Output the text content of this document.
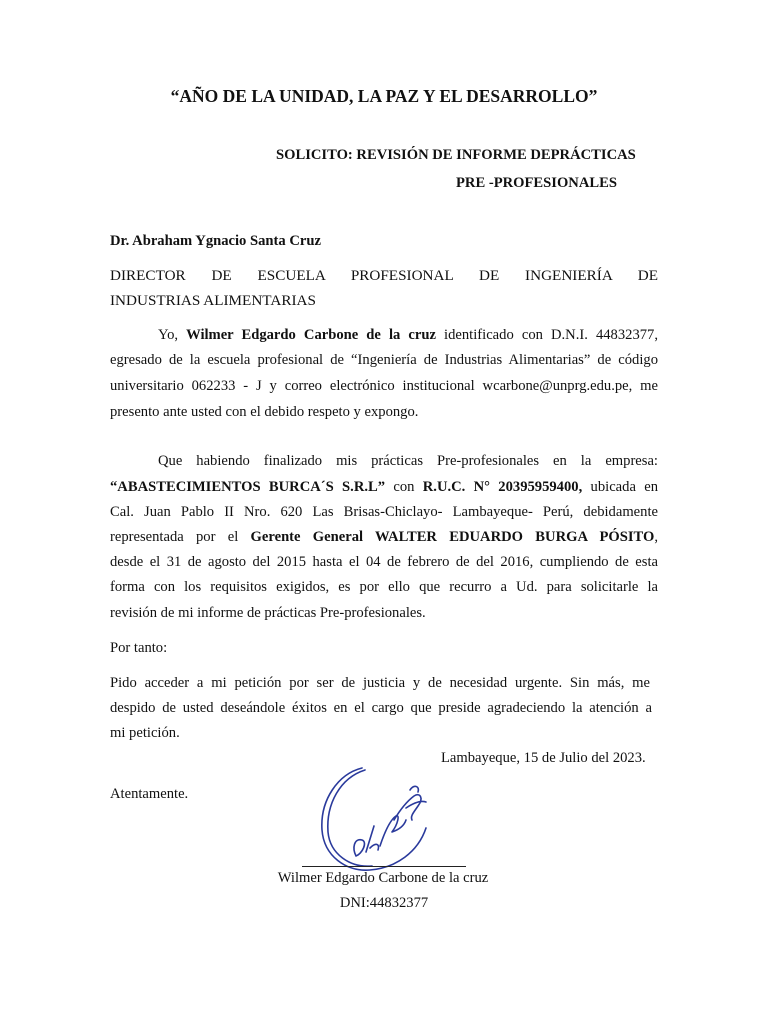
“AÑO DE LA UNIDAD, LA PAZ Y EL DESARROLLO”
SOLICITO: REVISIÓN DE INFORME DEPRÁCTICAS
PRE -PROFESIONALES
Dr. Abraham Ygnacio Santa Cruz
DIRECTOR DE ESCUELA PROFESIONAL DE INGENIERÍA DE
INDUSTRIAS ALIMENTARIAS
Yo, Wilmer Edgardo Carbone de la cruz identificado con D.N.I. 44832377,
egresado de la escuela profesional de “Ingeniería de Industrias Alimentarias” de código
universitario 062233 - J y correo electrónico institucional wcarbone@unprg.edu.pe, me
presento ante usted con el debido respeto y expongo.
Que habiendo finalizado mis prácticas Pre-profesionales en la empresa:
“ABASTECIMIENTOS BURCA´S S.R.L” con R.U.C. N° 20395959400, ubicada en
Cal. Juan Pablo II Nro. 620 Las Brisas-Chiclayo- Lambayeque- Perú, debidamente
representada por el Gerente General WALTER EDUARDO BURGA PÓSITO,
desde el 31 de agosto del 2015 hasta el 04 de febrero de del 2016, cumpliendo de esta
forma con los requisitos exigidos, es por ello que recurro a Ud. para solicitarle la
revisión de mi informe de prácticas Pre-profesionales.
Por tanto:
Pido acceder a mi petición por ser de justicia y de necesidad urgente. Sin más, me
despido de usted deseándole éxitos en el cargo que preside agradeciendo la atención a
mi petición.
Lambayeque, 15 de Julio del 2023.
Atentamente.
Wilmer Edgardo Carbone de la cruz
DNI:44832377
